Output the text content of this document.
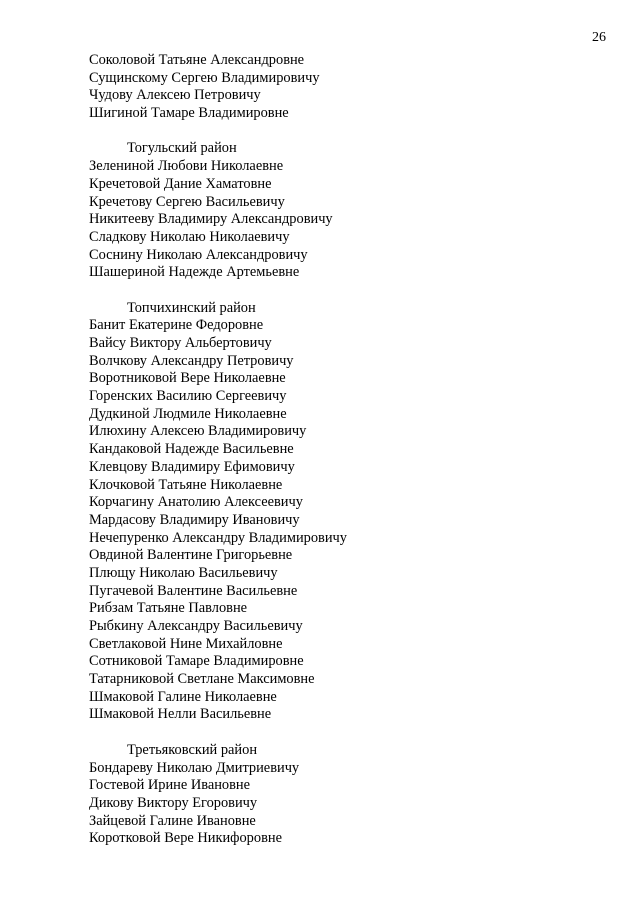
26
Соколовой Татьяне Александровне
Сущинскому Сергею Владимировичу
Чудову Алексею Петровичу
Шигиной Тамаре Владимировне
Тогульский район
Зелениной Любови Николаевне
Кречетовой Дание Хаматовне
Кречетову Сергею Васильевичу
Никитееву Владимиру Александровичу
Сладкову Николаю Николаевичу
Соснину Николаю Александровичу
Шашериной Надежде Артемьевне
Топчихинский район
Банит Екатерине Федоровне
Вайсу Виктору Альбертовичу
Волчкову Александру Петровичу
Воротниковой Вере Николаевне
Горенских Василию Сергеевичу
Дудкиной Людмиле Николаевне
Илюхину Алексею Владимировичу
Кандаковой Надежде Васильевне
Клевцову Владимиру Ефимовичу
Клочковой Татьяне Николаевне
Корчагину Анатолию Алексеевичу
Мардасову Владимиру Ивановичу
Нечепуренко Александру Владимировичу
Овдиной Валентине Григорьевне
Плющу Николаю Васильевичу
Пугачевой Валентине Васильевне
Рибзам Татьяне Павловне
Рыбкину Александру Васильевичу
Светлаковой Нине Михайловне
Сотниковой Тамаре Владимировне
Татарниковой Светлане Максимовне
Шмаковой Галине Николаевне
Шмаковой Нелли Васильевне
Третьяковский район
Бондареву Николаю Дмитриевичу
Гостевой Ирине Ивановне
Дикову Виктору Егоровичу
Зайцевой Галине Ивановне
Коротковой Вере Никифоровне
